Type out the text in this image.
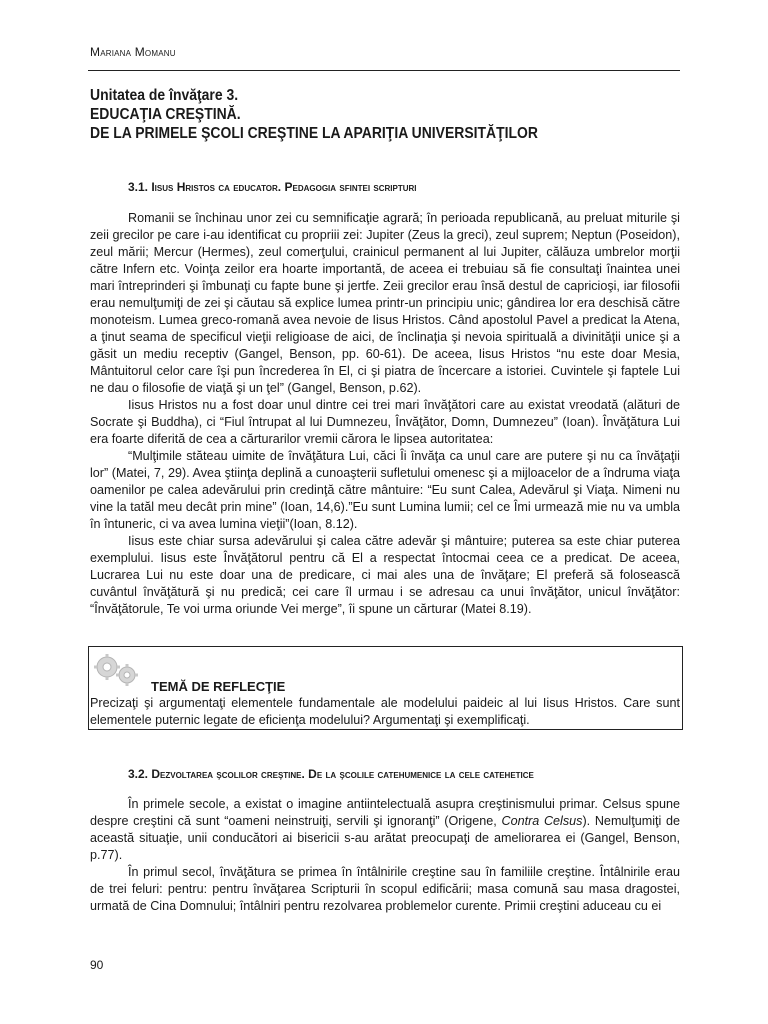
Mariana Momanu
Unitatea de învăţare 3.
EDUCAŢIA CREŞTINĂ.
DE LA PRIMELE ŞCOLI CREŞTINE LA APARIŢIA UNIVERSITĂŢILOR
3.1. Iisus Hristos ca educator. Pedagogia sfintei scripturi

Romanii se închinau unor zei cu semnificaţie agrară; în perioada republicană, au preluat miturile şi zeii grecilor pe care i-au identificat cu propriii zei: Jupiter (Zeus la greci), zeul suprem; Neptun (Poseidon), zeul mării; Mercur (Hermes), zeul comerţului, crainicul permanent al lui Jupiter, călăuza umbrelor morţii către Infern etc. Voinţa zeilor era hoarte importantă, de aceea ei trebuiau să fie consultaţi înaintea unei mari întreprinderi şi îmbunaţi cu fapte bune şi jertfe. Zeii grecilor erau însă destul de capricioşi, iar filosofii erau nemulţumiţi de zei şi căutau să explice lumea printr-un principiu unic; gândirea lor era deschisă către monoteism. Lumea greco-romană avea nevoie de Iisus Hristos. Când apostolul Pavel a predicat la Atena, a ţinut seama de specificul vieţii religioase de aici, de înclinaţia şi nevoia spirituală a divinităţii unice şi a găsit un mediu receptiv (Gangel, Benson, pp. 60-61). De aceea, Iisus Hristos “nu este doar Mesia, Mântuitorul celor care îşi pun încrederea în El, ci şi piatra de încercare a istoriei. Cuvintele şi faptele Lui ne dau o filosofie de viaţă şi un ţel” (Gangel, Benson, p.62).

Iisus Hristos nu a fost doar unul dintre cei trei mari învăţători care au existat vreodată (alături de Socrate şi Buddha), ci “Fiul întrupat al lui Dumnezeu, Învăţător, Domn, Dumnezeu” (Ioan). Învăţătura Lui era foarte diferită de cea a cărturarilor vremii cărora le lipsea autoritatea:

“Mulţimile stăteau uimite de învăţătura Lui, căci Îi învăţa ca unul care are putere şi nu ca învăţaţii lor” (Matei, 7, 29). Avea ştiinţa deplină a cunoaşterii sufletului omenesc şi a mijloacelor de a îndruma viaţa oamenilor pe calea adevărului prin credinţă către mântuire: “Eu sunt Calea, Adevărul şi Viaţa. Nimeni nu vine la tatăl meu decât prin mine” (Ioan, 14,6).”Eu sunt Lumina lumii; cel ce Îmi urmează mie nu va umbla în întuneric, ci va avea lumina vieţii”(Ioan, 8.12).

Iisus este chiar sursa adevărului şi calea către adevăr şi mântuire; puterea sa este chiar puterea exemplului. Iisus este Învăţătorul pentru că El a respectat întocmai ceea ce a predicat. De aceea, Lucrarea Lui nu este doar una de predicare, ci mai ales una de învăţare; El preferă să folosească cuvântul învăţătură şi nu predică; cei care îl urmau i se adresau ca unui învăţător, unicul învăţător: “Învăţătorule, Te voi urma oriunde Vei merge”, îi spune un cărturar (Matei 8.19).

TEMĂ DE REFLECŢIE
Precizaţi şi argumentaţi elementele fundamentale ale modelului paideic al lui Iisus Hristos. Care sunt elementele puternic legate de eficienţa modelului? Argumentaţi şi exemplificaţi.
3.2. Dezvoltarea şcolilor creştine. De la şcolile catehumenice la cele catehetice

În primele secole, a existat o imagine antiintelectuală asupra creştinismului primar. Celsus spune despre creştini că sunt “oameni neinstruiţi, servili şi ignoranţi” (Origene, Contra Celsus). Nemulţumiţi de această situaţie, unii conducători ai bisericii s-au arătat preocupaţi de ameliorarea ei (Gangel, Benson, p.77).

În primul secol, învăţătura se primea în întâlnirile creştine sau în familiile creştine. Întâlnirile erau de trei feluri: pentru: pentru învăţarea Scripturii în scopul edificării; masa comună sau masa dragostei, urmată de Cina Domnului; întâlniri pentru rezolvarea problemelor curente. Primii creştini aduceau cu ei

90
